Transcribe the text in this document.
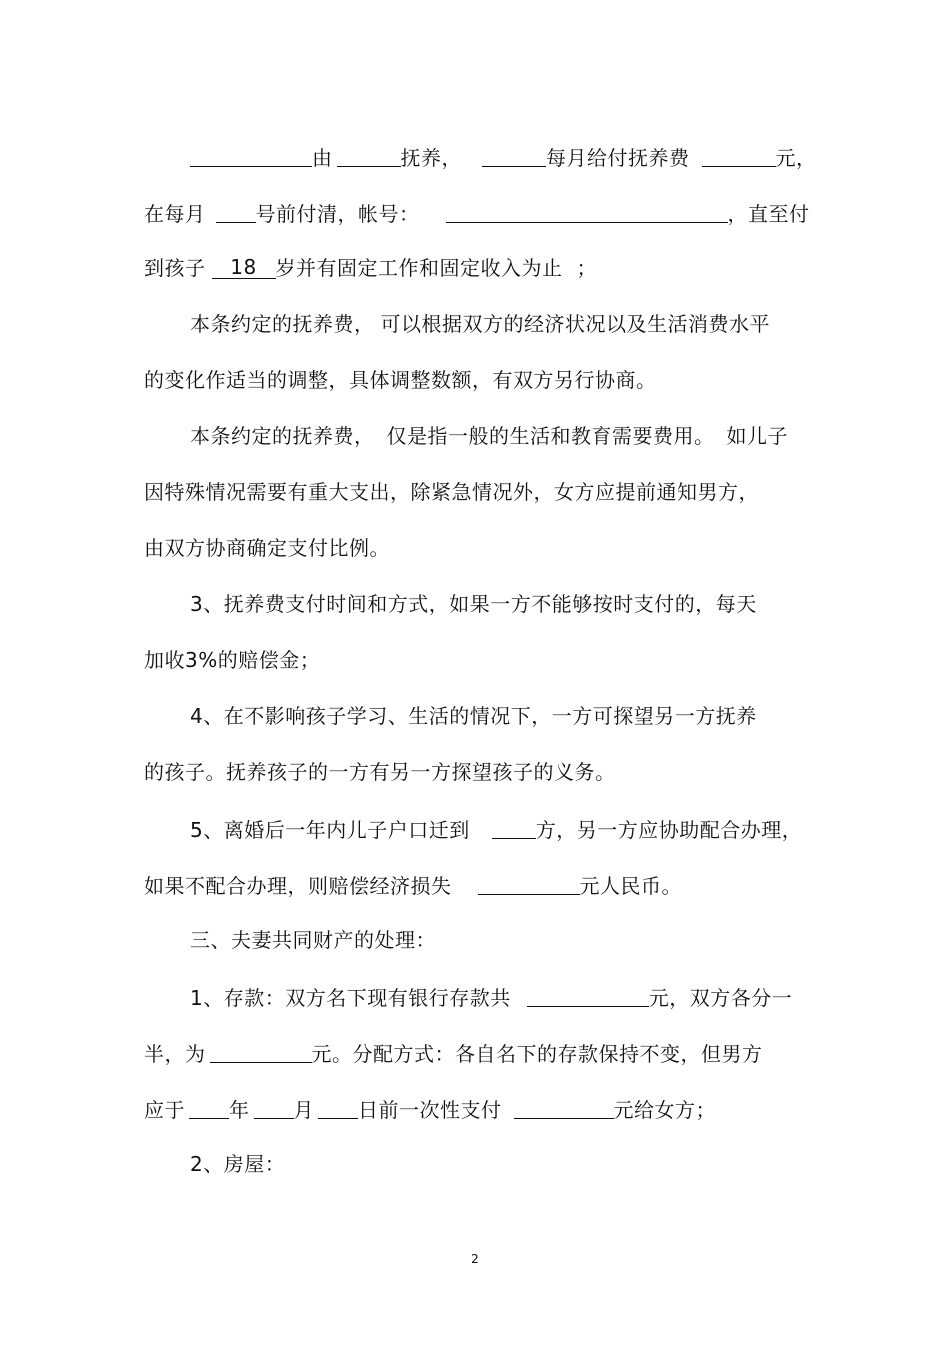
由	抚养，	每月给付抚养费	元，
在每月	号前付清，帐号：	，直至付
到孩子 18 岁并有固定工作和固定收入为止 ；
本条约定的抚养费， 可以根据双方的经济状况以及生活消费水平
的变化作适当的调整，具体调整数额，有双方另行协商。
本条约定的抚养费， 仅是指一般的生活和教育需要费用。 如儿子
因特殊情况需要有重大支出，除紧急情况外，女方应提前通知男方，
由双方协商确定支付比例。
3、抚养费支付时间和方式，如果一方不能够按时支付的，每天
加收3%的赔偿金；
4、在不影响孩子学习、生活的情况下，一方可探望另一方抚养
的孩子。抚养孩子的一方有另一方探望孩子的义务。
5、离婚后一年内儿子户口迁到	方，另一方应协助配合办理，
如果不配合办理，则赔偿经济损失	元人民币。
三、夫妻共同财产的处理：
1、存款：双方名下现有银行存款共	元，双方各分一
半，为	元。分配方式：各自名下的存款保持不变，但男方
应于 年 月 日前一次性支付	元给女方；
2、房屋：
2
